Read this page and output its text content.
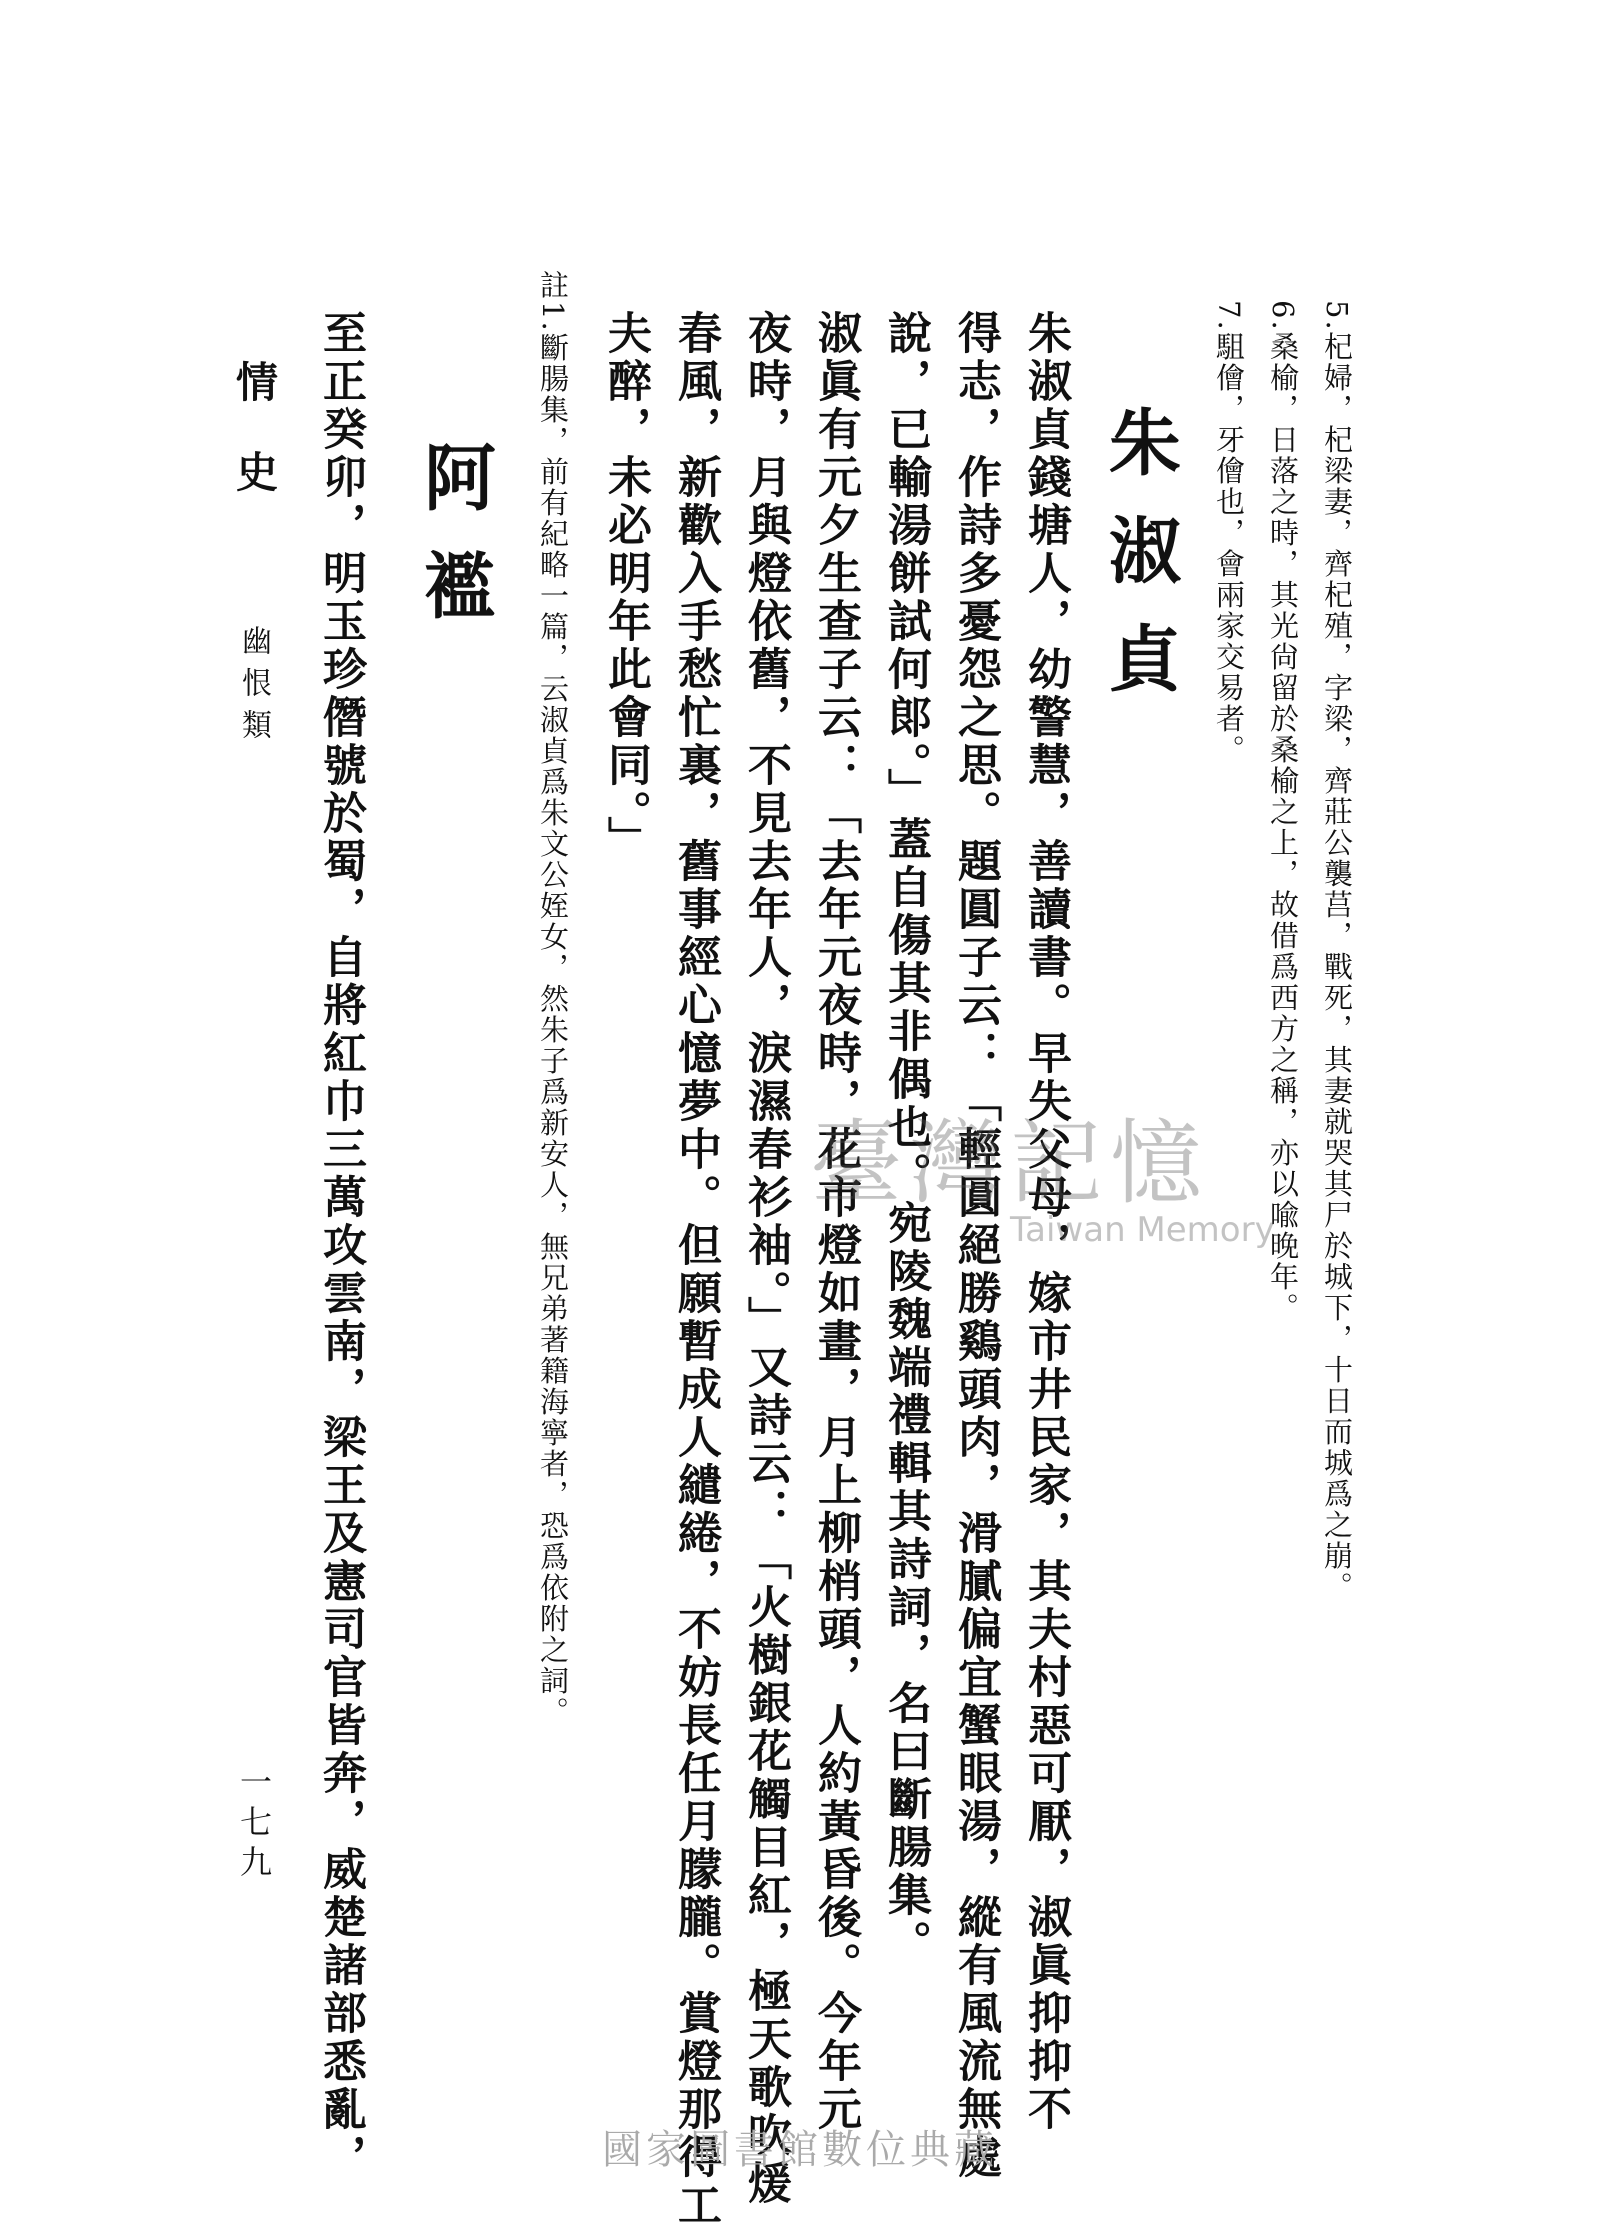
5.杞婦，杞梁妻，齊杞殖，字梁，齊莊公襲莒，戰死，其妻就哭其尸於城下，十日而城爲之崩。
6.桑榆，日落之時，其光尙留於桑榆之上，故借爲西方之稱，亦以喩晚年。
7.駔儈，牙儈也，會兩家交易者。
朱淑貞
朱淑貞錢塘人，幼警慧，善讀書。早失父母，嫁市井民家，其夫村惡可厭，淑眞抑抑不
得志，作詩多憂怨之思。題圓子云：「輕圓絕勝鷄頭肉，滑膩偏宜蟹眼湯，縱有風流無處
說，已輸湯餅試何郞。」蓋自傷其非偶也。宛陵魏端禮輯其詩詞，名曰斷腸集。
淑眞有元夕生查子云：「去年元夜時，花市燈如畫，月上柳梢頭，人約黃昏後。今年元
夜時，月與燈依舊，不見去年人，淚濕春衫袖。」又詩云：「火樹銀花觸目紅，極天歌吹煖
春風，新歡入手愁忙裏，舊事經心憶夢中。但願暫成人繾綣，不妨長任月朦朧。賞燈那得工
夫醉，未必明年此會同。」
註1.斷腸集，前有紀略一篇，云淑貞爲朱文公姪女，然朱子爲新安人，無兄弟著籍海寧者，恐爲依附之詞。
阿襤
至正癸卯，明玉珍僭號於蜀，自將紅巾三萬攻雲南，梁王及憲司官皆奔，威楚諸部悉亂，
情史
幽恨類
一七九
臺灣記憶
Taiwan Memory
國家圖書館數位典藏
